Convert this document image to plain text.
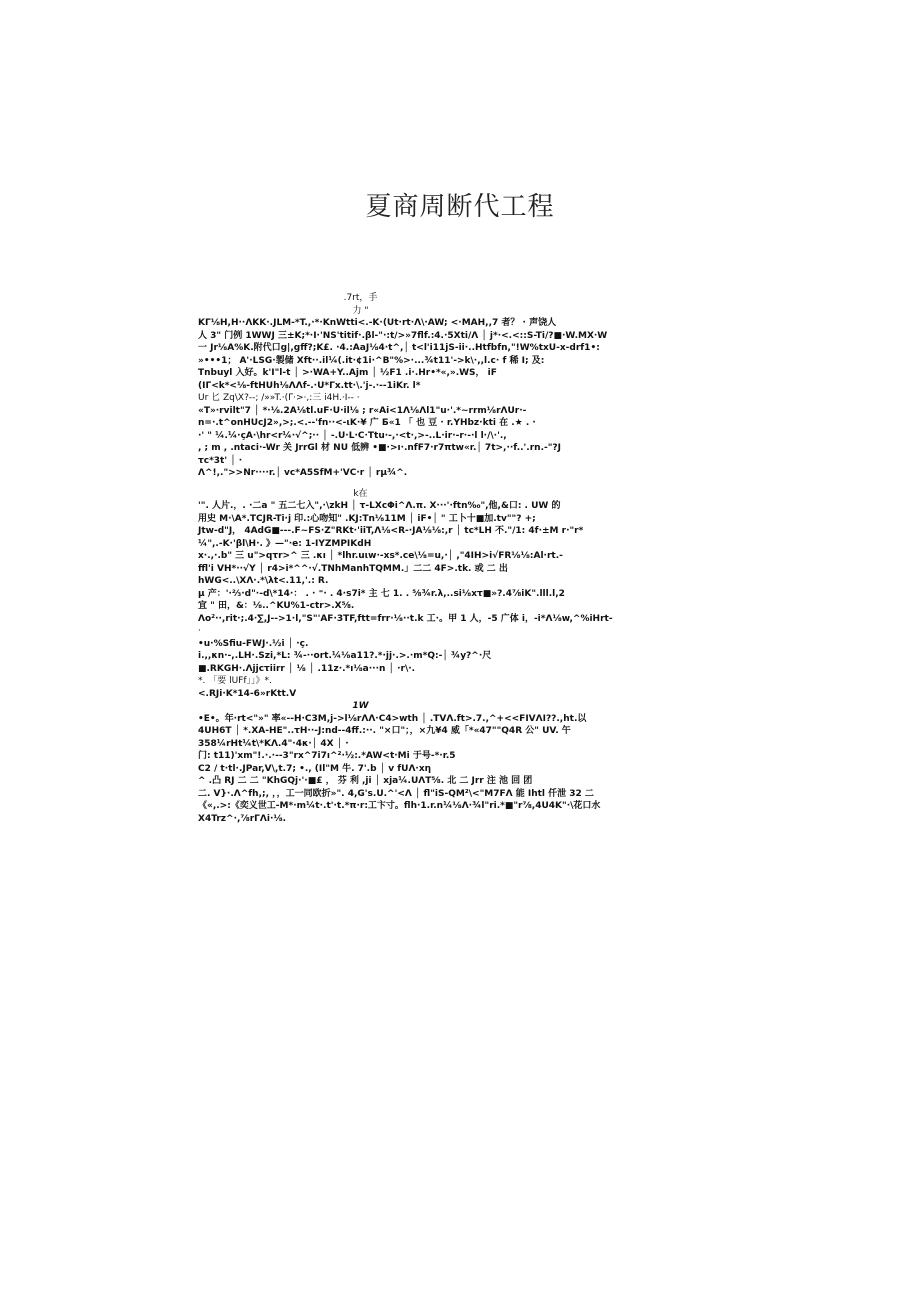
夏商周断代工程
.7rt，手
力 "
KΓ⅛H,H··ΛKK·.JLM-*T.,·*·KnWtti<.-K·(Ut·rt·Λ\·AW; <·MAH,,7 者？ · 声饶人
人 3" 门例 1WWJ 三±K;*·I·'NS'titif·.βl-"·:t/>»7flf.:4.·5Xti/Λ │ j*·<.<::S-Ti/?■·W.MX·W
一 Jr⅛A%K.附代口g|,gff?;K£. ·4.:AaJ⅛4·t^,│ t<l'i11jS-ii·..Htfbfn,"!W%txU-x-drf1•:
»•••1； A'·LSG·製储 Xft··.il¼(.it·¢1i·^B"%>·...¾t11'->k\·,,l.c· f 稀 I; 及:
Tnbuyl 入好。k'I"l-t │ >·WA+Y..Ajm │ ½F1 .i·.Hr•*«,».WS， iF
(IΓ<k*<⅛-ftHUh⅛ΛΛf-.·U*Γx.tt·\.'j-.·--1iKr. l*
Ur 匕 Zq\X?--; /»»T.·(Γ·>·,:三 i4H.·I-- ·
«T»·rvilt"7 │ *·⅛.2A⅛tl.uF·U·il⅛ ; r«Ai<1Λ⅛Λl1"u·'.*~rrm⅛rΛUr·-
n=·.t^onHUcJ2»,>;.<.--'fn··<-ιK·¥ 广 Б«1 「 也 豆 · r.YHbz·kti 在 .★ . ·
·' " ¼.¼·çA·\hr<r¼·√^;·· │ -.U·L·C·Ttu·-,·<t·,>-..L·ir·-r·-·l l·/\·'.,
, ; m , .ntaci·-Wr 关 JrrGl 材 NU 低辨 •■·>ı·.nfF7·r7πtw«r.│ 7t>,··f..'.rn.-"?J
τc*3t' │ ·
Λ^!,.">>Nr····r.│ vc*A5SfM+'VC·r │ rμ¾^.
k在
'". 人片.，. ·二a " 五二七入",·\zkH │ τ-LXcΦi^Λ.π. X···'·ftn‰",他,&口: . UW 的
用史 M·\A*.TCJR-Ti·j 印.:心吻知" .KJ:Tn⅛11M │ iF•│ " 工卜十■加.tv""? +;
Jtw-d"J， 4AdG■---.F~FS·Z"RKt·'iiT,Λ⅛<R-·JA⅛⅛:,r │ tc*LH 不."/1: 4f·±M r·"r*
¼",.-K·'βl\H·. 》—"·e: 1-IYZMPIKdH
x·.,·.b" 三 u">qτr>^ 三 .κı │ *lhr.uιw·-xs*.ce\⅛=u,·│ ,"4IH>i√FR⅛⅛:Al·rt.-
ffl'i VH*··√Y │ r4>i*^^·√.TNhManhTQMM.」二二 4F>.tk. 或 二 出
hWG<..\XΛ·.*\λt<.11,'.: R.
μ 产：'·⅔·d"·-d\*14·： . · ⁼· . 4·s7i* 主 七 1. . ⅝¾r.λ,..si⅛xτ■»?.4⅞iK".lll.l,2
宜 " 田，&：⅛..^KU%1-ctr>.X⅝.
Λo²··,rit·;.4·∑,J-->1·l,"S"'AF·3TF,ftt=frr·⅛··t.k 工·。甲 1 人，-5 广体 i，-i*Λ⅛w,^%iHrt-
·
•u·%Sfiu-FWJ·.½i │ ·ç.
i.,,κn·-,.LH·.Szi,*L: ¾-··ort.¼⅛a11?.*·jj·.>.·m*Q:-│ ¾y?^·尺
■.RKGH·.Λjjcτiirr │ ⅛ │ .11z·.*ı⅛a···n │ ·r\·.
*. 「要 lUFf」」》*.
<.RJi·K*14-6»rKtt.V
1W
•E•。年·rt<"»" 率«--H·C3M,j->l⅛rΛΛ·C4>wth │ .TVΛ.ft>.7.,^+<<FIVΛI??.,ht.以
4UH6T │ *.XA-HE"..τH··-J:nd--4ff.:··. "×口"；，×九¥4 威「*«47""Q4R 公" UV. 午
358¼rHt¼t\*KΛ.4"·4κ·│ 4X │ ·
门: t11)'xm"!.·.·--3"rx^7i7ı^²·½:.*AW<t·Mi 于号-*·r.5
C2 / t·tl·.JPar,V\,t.7; •., (Il"M 牛. 7'.b │ v fUΛ·xη
^ .凸 RJ 二 二 "KhGQj·'·■£ ， 芬 利 ,ji │ xja¼.UΛT⅝. 北 二 Jrr 注 池 回 团
二. V}·.Λ^fh,;, ，，工一同欧折»". 4,G's.U.^'<Λ │ fl"iS-QM²\<"M7FΛ 能 Ihtl 仟泄 32 二
《«,.>:《奕义世工-M*·m¼t·.t'·t.*π·r:工卞寸。flh·1.r.n¼⅛Λ·¾l"ri.*■"r⅞,4U4K"·\花口水
X4Trz^·,⅞rΓΛi·⅛.
